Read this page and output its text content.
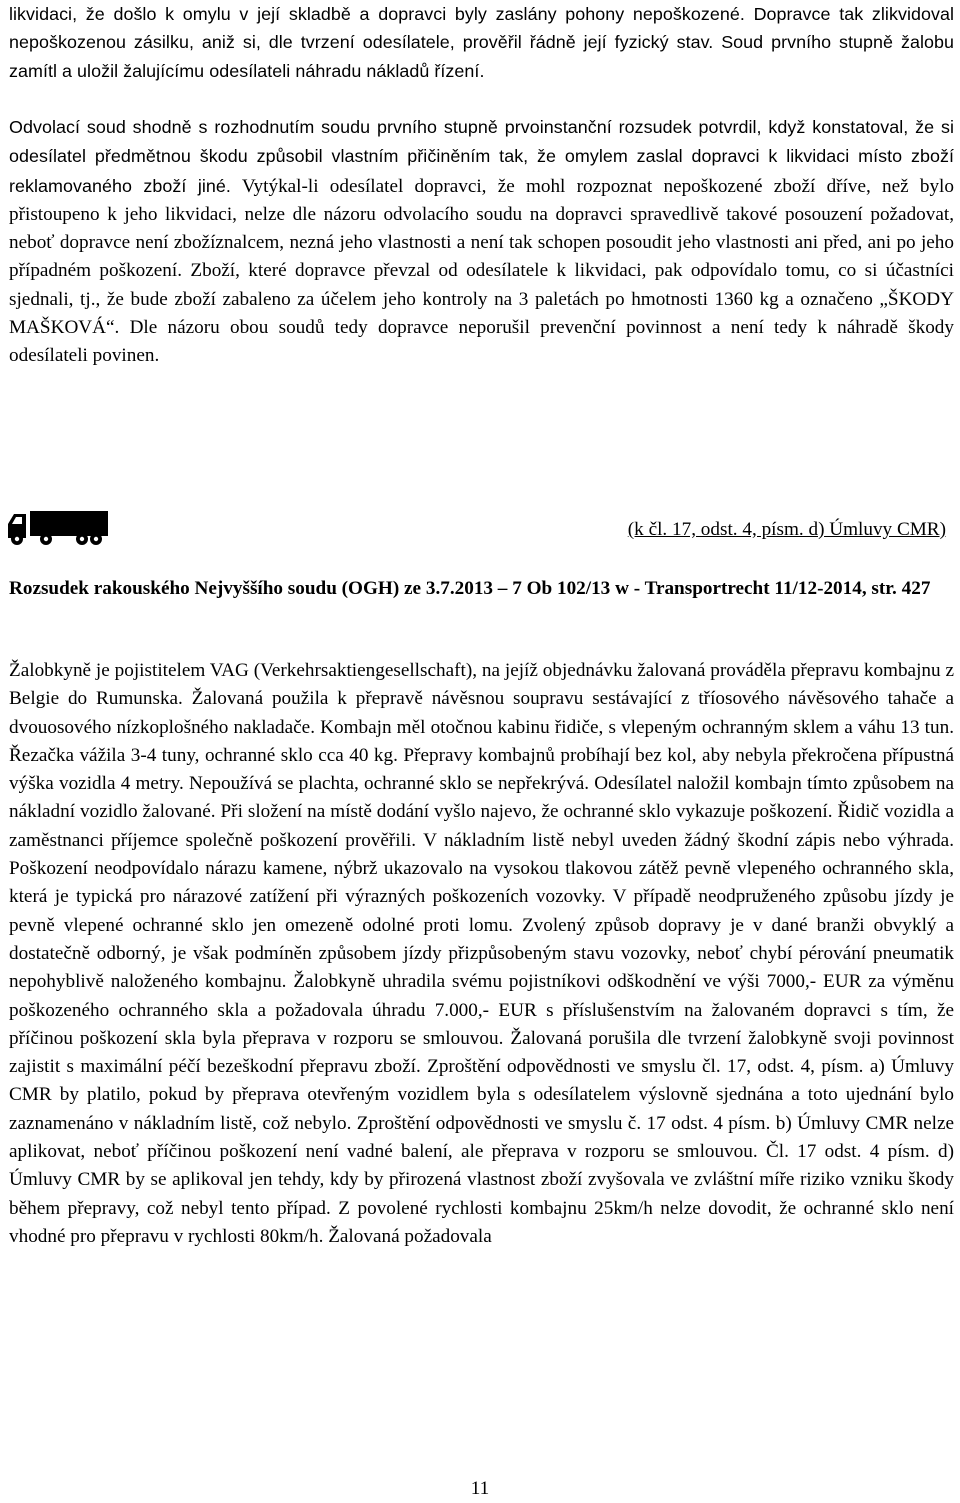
likvidaci, že došlo k omylu v její skladbě a dopravci byly zaslány pohony nepoškozené. Dopravce tak zlikvidoval nepoškozenou zásilku, aniž si, dle tvrzení odesílatele, prověřil řádně její fyzický stav. Soud prvního stupně žalobu zamítl a uložil žalujícímu odesílateli náhradu nákladů řízení.

Odvolací soud shodně s rozhodnutím soudu prvního stupně prvoinstanční rozsudek potvrdil, když konstatoval, že si odesílatel předmětnou škodu způsobil vlastním přičiněním tak, že omylem zaslal dopravci k likvidaci místo zboží reklamovaného zboží jiné. Vytýkal-li odesílatel dopravci, že mohl rozpoznat nepoškozené zboží dříve, než bylo přistoupeno k jeho likvidaci, nelze dle názoru odvolacího soudu na dopravci spravedlivě takové posouzení požadovat, neboť dopravce není zbožíznalcem, nezná jeho vlastnosti a není tak schopen posoudit jeho vlastnosti ani před, ani po jeho případném poškození. Zboží, které dopravce převzal od odesílatele k likvidaci, pak odpovídalo tomu, co si účastníci sjednali, tj., že bude zboží zabaleno za účelem jeho kontroly na 3 paletách po hmotnosti 1360 kg a označeno „ŠKODY MAŠKOVÁ“. Dle názoru obou soudů tedy dopravce neporušil prevenční povinnost a není tedy k náhradě škody odesílateli povinen.

(k čl. 17, odst. 4, písm. d) Úmluvy CMR)

Rozsudek rakouského Nejvyššího soudu (OGH) ze 3.7.2013 – 7 Ob 102/13 w - Transportrecht 11/12-2014, str. 427

Žalobkyně je pojistitelem VAG (Verkehrsaktiengesellschaft), na jejíž objednávku žalovaná prováděla přepravu kombajnu z Belgie do Rumunska. Žalovaná použila k přepravě návěsnou soupravu sestávající z tříosového návěsového tahače a dvouosového nízkoplošného nakladače. Kombajn měl otočnou kabinu řidiče, s vlepeným ochranným sklem a váhu 13 tun. Řezačka vážila 3-4 tuny, ochranné sklo cca 40 kg. Přepravy kombajnů probíhají bez kol, aby nebyla překročena přípustná výška vozidla 4 metry. Nepoužívá se plachta, ochranné sklo se nepřekrývá. Odesílatel naložil kombajn tímto způsobem na nákladní vozidlo žalované. Při složení na místě dodání vyšlo najevo, že ochranné sklo vykazuje poškození. Řidič vozidla a zaměstnanci příjemce společně poškození prověřili. V nákladním listě nebyl uveden žádný škodní zápis nebo výhrada. Poškození neodpovídalo nárazu kamene, nýbrž ukazovalo na vysokou tlakovou zátěž pevně vlepeného ochranného skla, která je typická pro nárazové zatížení při výrazných poškozeních vozovky. V případě neodpruženého způsobu jízdy je pevně vlepené ochranné sklo jen omezeně odolné proti lomu. Zvolený způsob dopravy je v dané branži obvyklý a dostatečně odborný, je však podmíněn způsobem jízdy přizpůsobeným stavu vozovky, neboť chybí pérování pneumatik nepohyblivě naloženého kombajnu. Žalobkyně uhradila svému pojistníkovi odškodnění ve výši 7000,- EUR za výměnu poškozeného ochranného skla a požadovala úhradu 7.000,- EUR s příslušenstvím na žalovaném dopravci s tím, že příčinou poškození skla byla přeprava v rozporu se smlouvou. Žalovaná porušila dle tvrzení žalobkyně svoji povinnost zajistit s maximální péčí bezeškodní přepravu zboží. Zproštění odpovědnosti ve smyslu čl. 17, odst. 4, písm. a) Úmluvy CMR by platilo, pokud by přeprava otevřeným vozidlem byla s odesílatelem výslovně sjednána a toto ujednání bylo zaznamenáno v nákladním listě, což nebylo. Zproštění odpovědnosti ve smyslu č. 17 odst. 4 písm. b) Úmluvy CMR nelze aplikovat, neboť příčinou poškození není vadné balení, ale přeprava v rozporu se smlouvou. Čl. 17 odst. 4 písm. d) Úmluvy CMR by se aplikoval jen tehdy, kdy by přirozená vlastnost zboží zvyšovala ve zvláštní míře riziko vzniku škody během přepravy, což nebyl tento případ. Z povolené rychlosti kombajnu 25km/h nelze dovodit, že ochranné sklo není vhodné pro přepravu v rychlosti 80km/h. Žalovaná požadovala

11
